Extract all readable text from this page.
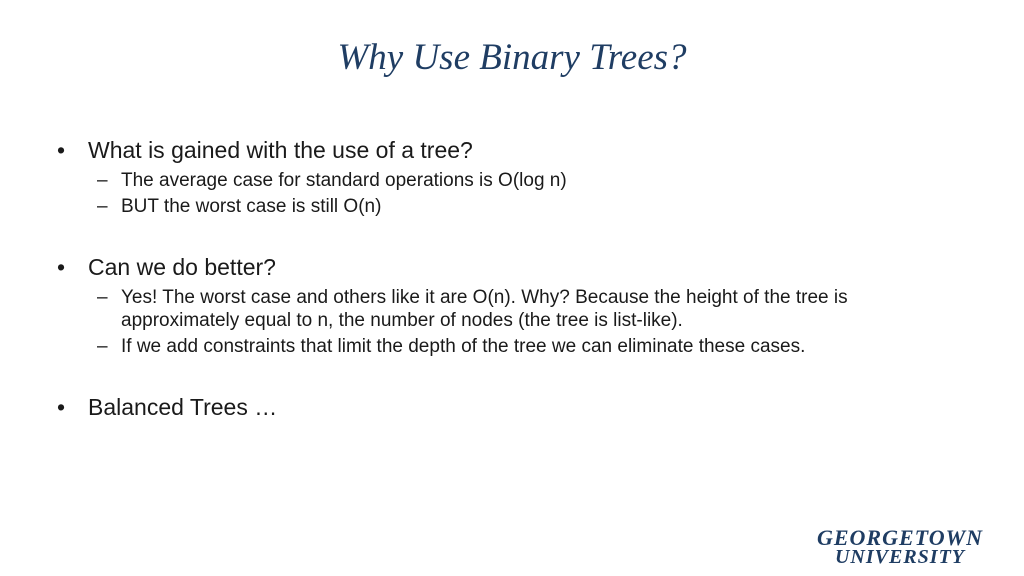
Why Use Binary Trees?
• What is gained with the use of a tree?
– The average case for standard operations is O(log n)
– BUT the worst case is still O(n)
• Can we do better?
– Yes! The worst case and others like it are O(n). Why? Because the height of the tree is approximately equal to n, the number of nodes (the tree is list-like).
– If we add constraints that limit the depth of the tree we can eliminate these cases.
• Balanced Trees …
GEORGETOWN
UNIVERSITY
